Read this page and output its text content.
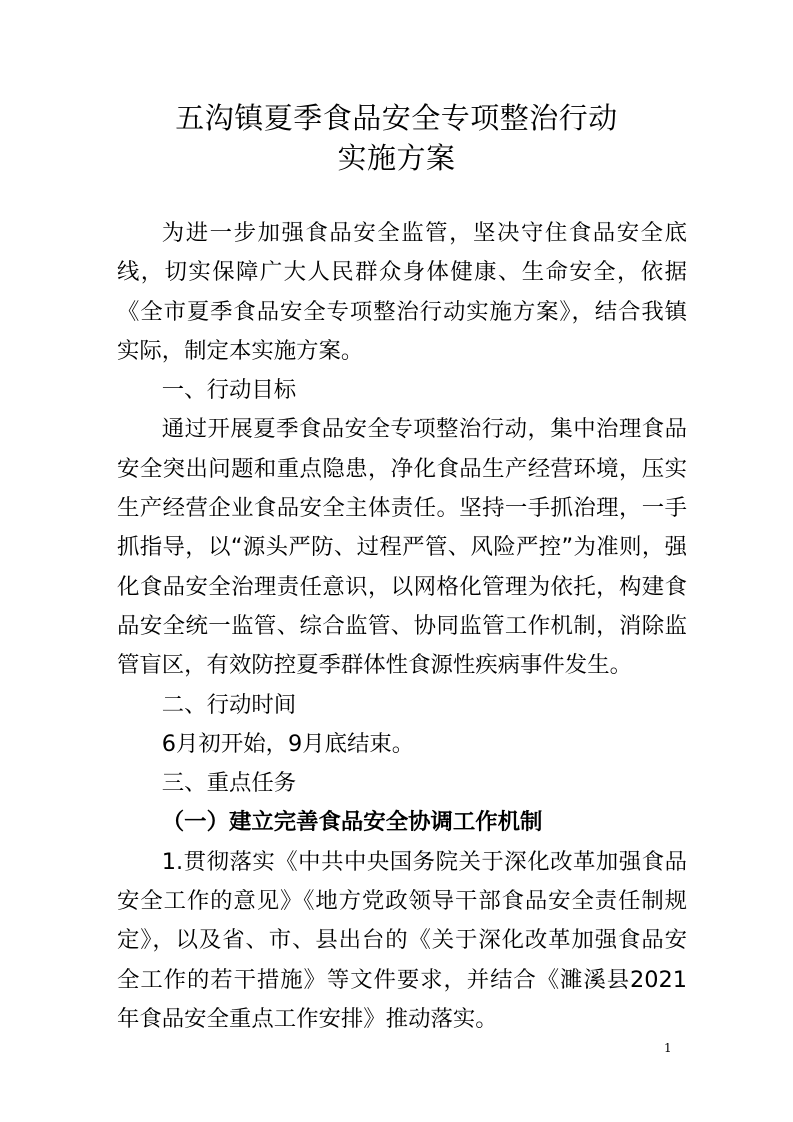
五沟镇夏季食品安全专项整治行动
实施方案

为进一步加强食品安全监管，坚决守住食品安全底线，切实保障广大人民群众身体健康、生命安全，依据《全市夏季食品安全专项整治行动实施方案》，结合我镇实际，制定本实施方案。

一、行动目标

通过开展夏季食品安全专项整治行动，集中治理食品安全突出问题和重点隐患，净化食品生产经营环境，压实生产经营企业食品安全主体责任。坚持一手抓治理，一手抓指导，以“源头严防、过程严管、风险严控”为准则，强化食品安全治理责任意识，以网格化管理为依托，构建食品安全统一监管、综合监管、协同监管工作机制，消除监管盲区，有效防控夏季群体性食源性疾病事件发生。

二、行动时间

6月初开始，9月底结束。

三、重点任务

（一）建立完善食品安全协调工作机制

1.贯彻落实《中共中央国务院关于深化改革加强食品安全工作的意见》《地方党政领导干部食品安全责任制规定》，以及省、市、县出台的《关于深化改革加强食品安全工作的若干措施》等文件要求，并结合《濉溪县2021年食品安全重点工作安排》推动落实。

1
